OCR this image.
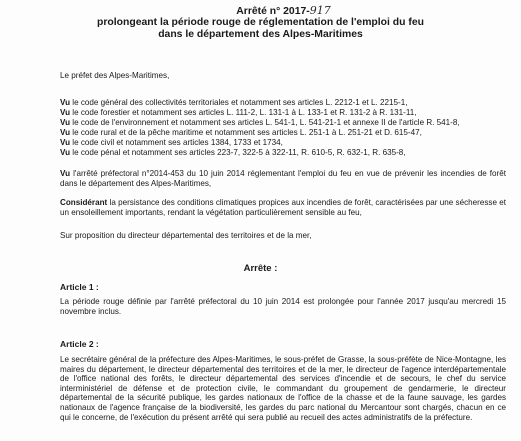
Arrêté n° 2017-917
prolongeant la période rouge de réglementation de l'emploi du feu
dans le département des Alpes-Maritimes
Le préfet des Alpes-Maritimes,
Vu le code général des collectivités territoriales et notamment ses articles L. 2212-1 et L. 2215-1,
Vu le code forestier et notamment ses articles L. 111-2, L. 131-1 à L. 133-1 et R. 131-2 à R. 131-11,
Vu le code de l'environnement et notamment ses articles L. 541-1, L. 541-21-1 et annexe II de l'article R. 541-8,
Vu le code rural et de la pêche maritime et notamment ses articles L. 251-1 à L. 251-21 et D. 615-47,
Vu le code civil et notamment ses articles 1384, 1733 et 1734,
Vu le code pénal et notamment ses articles 223-7, 322-5 à 322-11, R. 610-5, R. 632-1, R. 635-8,
Vu l'arrêté préfectoral n°2014-453 du 10 juin 2014 réglementant l'emploi du feu en vue de prévenir les incendies de forêt dans le département des Alpes-Maritimes,
Considérant la persistance des conditions climatiques propices aux incendies de forêt, caractérisées par une sécheresse et un ensoleillement importants, rendant la végétation particulièrement sensible au feu,
Sur proposition du directeur départemental des territoires et de la mer,
Arrête :
Article 1 :
La période rouge définie par l'arrêté préfectoral du 10 juin 2014 est prolongée pour l'année 2017 jusqu'au mercredi 15 novembre inclus.
Article 2 :
Le secrétaire général de la préfecture des Alpes-Maritimes, le sous-préfet de Grasse, la sous-préfète de Nice-Montagne, les maires du département, le directeur départemental des territoires et de la mer, le directeur de l'agence interdépartementale de l'office national des forêts, le directeur départemental des services d'incendie et de secours, le chef du service interministériel de défense et de protection civile, le commandant du groupement de gendarmerie, le directeur départemental de la sécurité publique, les gardes nationaux de l'office de la chasse et de la faune sauvage, les gardes nationaux de l'agence française de la biodiversité, les gardes du parc national du Mercantour sont chargés, chacun en ce qui le concerne, de l'exécution du présent arrêté qui sera publié au recueil des actes administratifs de la préfecture.
